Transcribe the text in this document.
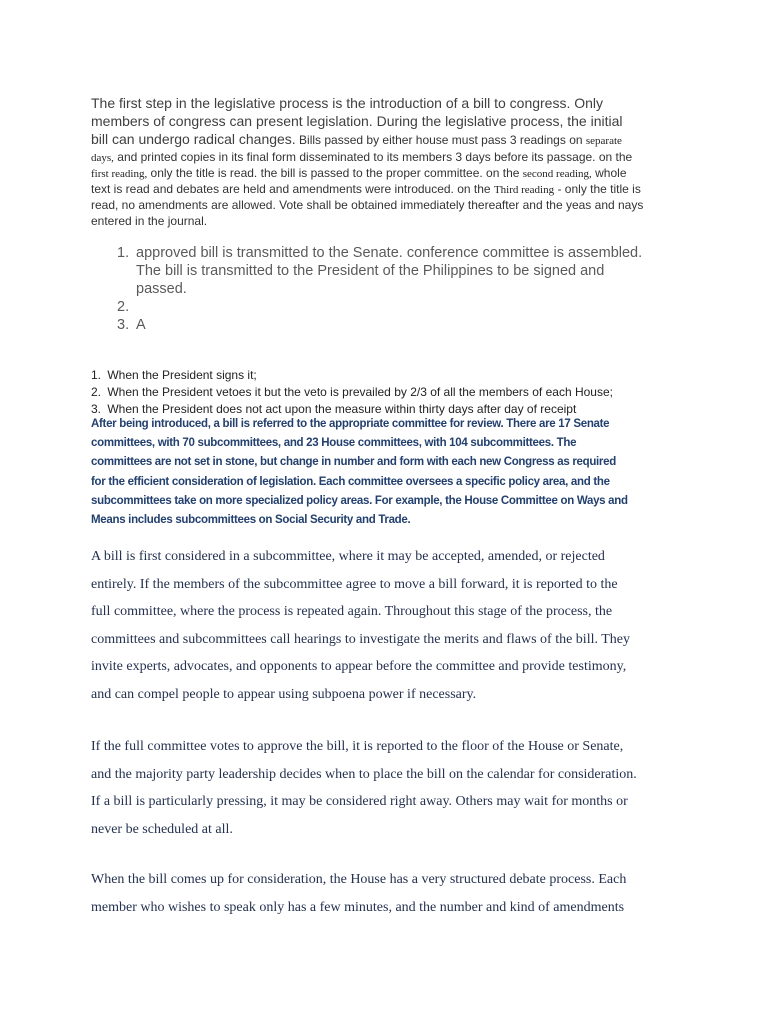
The first step in the legislative process is the introduction of a bill to congress. Only
members of congress can present legislation. During the legislative process, the initial
bill can undergo radical changes. Bills passed by either house must pass 3 readings on separate
days, and printed copies in its final form disseminated to its members 3 days before its passage. on the
first reading, only the title is read. the bill is passed to the proper committee. on the second reading, whole
text is read and debates are held and amendments were introduced. on the Third reading - only the title is
read, no amendments are allowed. Vote shall be obtained immediately thereafter and the yeas and nays
entered in the journal.
1. approved bill is transmitted to the Senate. conference committee is assembled.
The bill is transmitted to the President of the Philippines to be signed and
passed.
2.
3. A
1. When the President signs it;
2. When the President vetoes it but the veto is prevailed by 2/3 of all the members of each House;
3. When the President does not act upon the measure within thirty days after day of receipt
After being introduced, a bill is referred to the appropriate committee for review. There are 17 Senate
committees, with 70 subcommittees, and 23 House committees, with 104 subcommittees. The
committees are not set in stone, but change in number and form with each new Congress as required
for the efficient consideration of legislation. Each committee oversees a specific policy area, and the
subcommittees take on more specialized policy areas. For example, the House Committee on Ways and
Means includes subcommittees on Social Security and Trade.
A bill is first considered in a subcommittee, where it may be accepted, amended, or rejected
entirely. If the members of the subcommittee agree to move a bill forward, it is reported to the
full committee, where the process is repeated again. Throughout this stage of the process, the
committees and subcommittees call hearings to investigate the merits and flaws of the bill. They
invite experts, advocates, and opponents to appear before the committee and provide testimony,
and can compel people to appear using subpoena power if necessary.
If the full committee votes to approve the bill, it is reported to the floor of the House or Senate,
and the majority party leadership decides when to place the bill on the calendar for consideration.
If a bill is particularly pressing, it may be considered right away. Others may wait for months or
never be scheduled at all.
When the bill comes up for consideration, the House has a very structured debate process. Each
member who wishes to speak only has a few minutes, and the number and kind of amendments
